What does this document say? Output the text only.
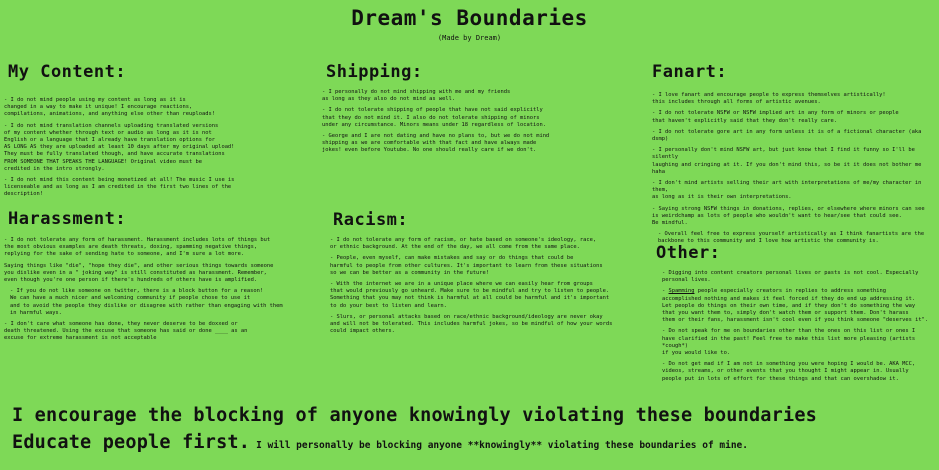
Dream's Boundaries
(Made by Dream)
My Content:

- I do not mind people using my content as long as it is
changed in a way to make it unique! I encourage reactions,
compilations, animations, and anything else other than reuploads!

- I do not mind translation channels uploading translated versions
of my content whether through text or audio as long as it is not
English or a language that I already have translation options for
AS LONG AS they are uploaded at least 10 days after my original upload!
They must be fully translated though, and have accurate translations
FROM SOMEONE THAT SPEAKS THE LANGUAGE! Original video must be
credited in the intro strongly.

- I do not mind this content being monetized at all! The music I use is
licenseable and as long as I am credited in the first two lines of the
description!

Shipping:

- I personally do not mind shipping with me and my friends
as long as they also do not mind as well.

- I do not tolerate shipping of people that have not said explicitly
that they do not mind it. I also do not tolerate shipping of minors
under any circumstance. Minors means under 18 regardless of location.

- George and I are not dating and have no plans to, but we do not mind
shipping as we are comfortable with that fact and have always made
jokes! even before Youtube. No one should really care if we don't.

Fanart:

- I love fanart and encourage people to express themselves artistically!
this includes through all forms of artistic avenues.

- I do not tolerate NSFW or NSFW implied art in any form of minors or people
that haven't explicitly said that they don't really care.

- I do not tolerate gore art in any form unless it is of a fictional character (aka dsmp)

- I personally don't mind NSFW art, but just know that I find it funny so I'll be silently
laughing and cringing at it. If you don't mind this, so be it it does not bother me haha

- I don't mind artists selling their art with interpretations of me/my character in them,
as long as it is their own interpretations.

- Saying strong NSFW things in donations, replies, or elsewhere where minors can see
is weirdchamp as lots of people who wouldn't want to hear/see that could see.
Be mindful.

- Overall feel free to express yourself artistically as I think fanartists are the
backbone to this community and I love how artistic the community is.

Harassment:

- I do not tolerate any form of harassment. Harassment includes lots of things but
the most obvious examples are death threats, doxing, spamming negative things,
replying for the sake of sending hate to someone, and I'm sure a lot more.

Saying things like "die", "hope they die", and other serious things towards someone
you dislike even in a " joking way" is still constituted as harassment. Remember,
even though you're one person if there's hundreds of others have is amplified.

- If you do not like someone on twitter, there is a block button for a reason!
We can have a much nicer and welcoming community if people chose to use it
and to avoid the people they dislike or disagree with rather than engaging with them
in harmful ways.

- I don't care what someone has done, they never deserve to be doxxed or
death threatened. Using the excuse that someone has said or done ____ as an
excuse for extreme harassment is not acceptable

Racism:

- I do not tolerate any form of racism, or hate based on someone's ideology, race,
or ethnic background. At the end of the day, we all come from the same place.

- People, even myself, can make mistakes and say or do things that could be
harmful to people from other cultures. It's important to learn from these situations
so we can be better as a community in the future!

- With the internet we are in a unique place where we can easily hear from groups
that would previously go unheard. Make sure to be mindful and try to listen to people.
Something that you may not think is harmful at all could be harmful and it's important
to do your best to listen and learn.

- Slurs, or personal attacks based on race/ethnic background/ideology are never okay
and will not be tolerated. This includes harmful jokes, so be mindful of how your words
could impact others.

Other:

- Digging into content creators personal lives or pasts is not cool. Especially
personal lives.

- Spamming people especially creators in replies to address something
accomplished nothing and makes it feel forced if they do end up addressing it.
Let people do things on their own time, and if they don't do something the way
that you want them to, simply don't watch them or support them. Don't harass
them or their fans, harassment isn't cool even if you think someone "deserves it".

- Do not speak for me on boundaries other than the ones on this list or ones I
have clarified in the past! Feel free to make this list more pleasing (artists *cough*)
if you would like to.

- Do not get mad if I am not in something you were hoping I would be. AKA MCC,
videos, streams, or other events that you thought I might appear in. Usually
people put in lots of effort for these things and that can overshadow it.

I encourage the blocking of anyone knowingly violating these boundaries
Educate people first. I will personally be blocking anyone **knowingly** violating these boundaries of mine.
